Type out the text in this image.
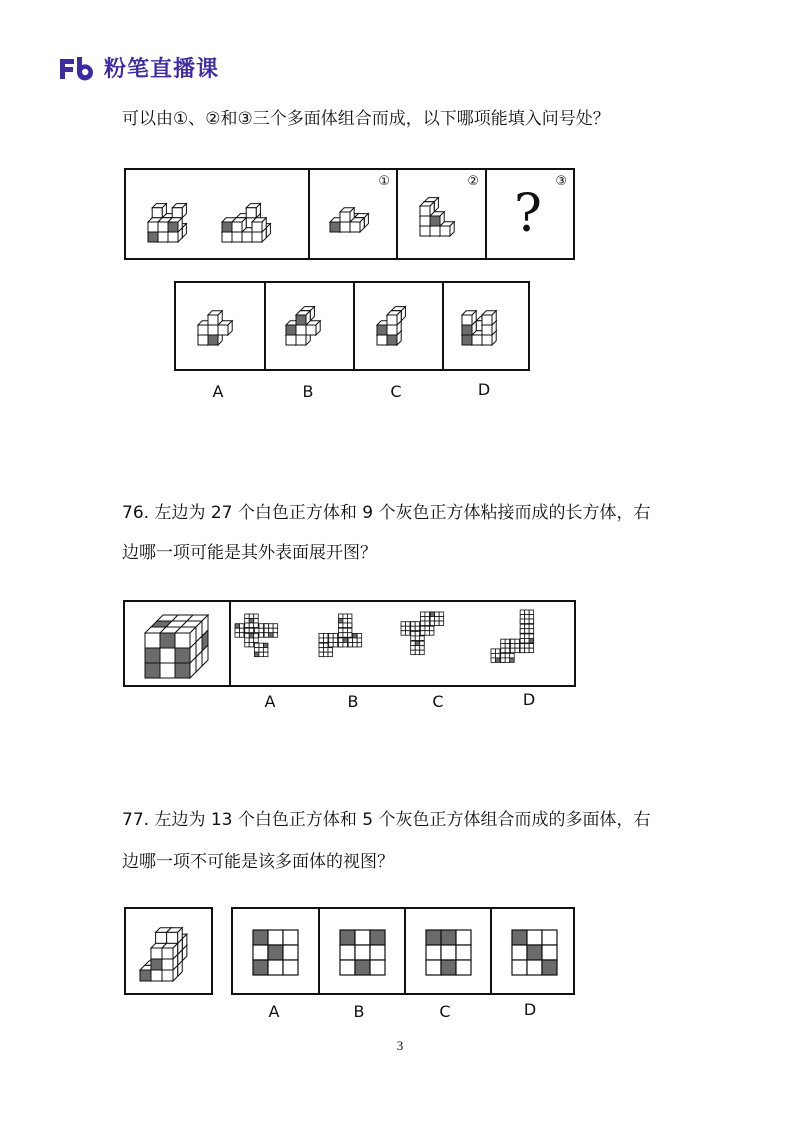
粉笔直播课
可以由①、②和③三个多面体组合而成，以下哪项能填入问号处？
①	②	③
?
A	B	C	D
76. 左边为 27 个白色正方体和 9 个灰色正方体粘接而成的长方体，右
边哪一项可能是其外表面展开图？
A	B	C	D
77. 左边为 13 个白色正方体和 5 个灰色正方体组合而成的多面体，右
边哪一项不可能是该多面体的视图？
A	B	C	D
3
